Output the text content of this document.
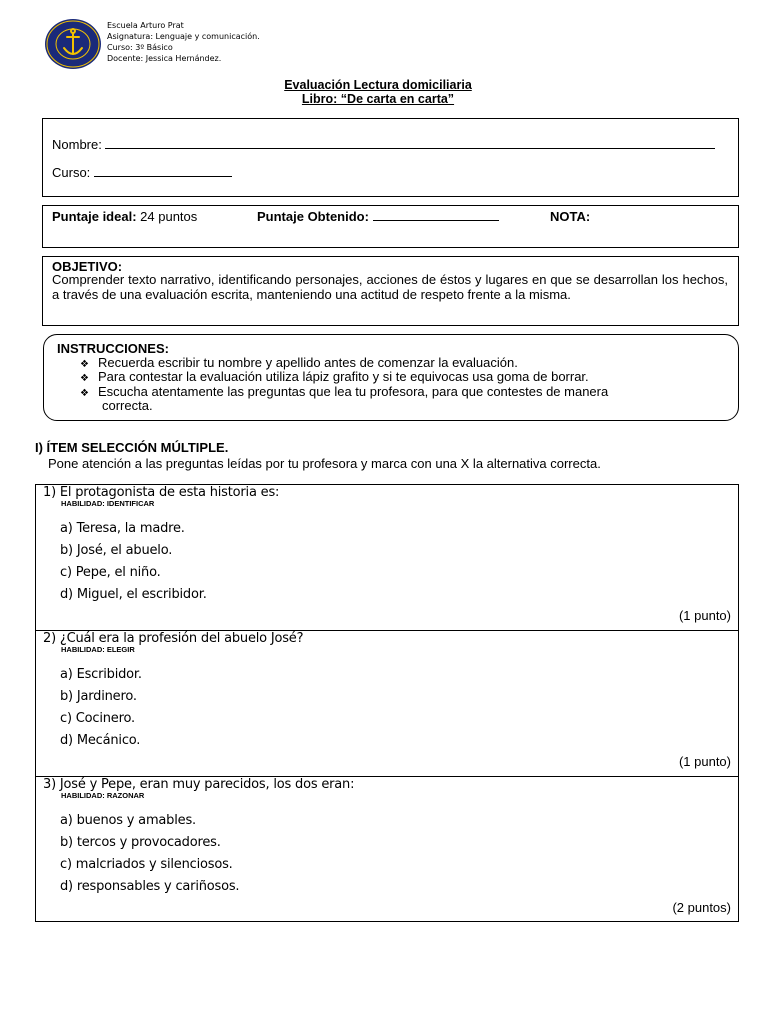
Escuela Arturo Prat
Asignatura: Lenguaje y comunicación.
Curso: 3º Básico
Docente: Jessica Hernández.
Evaluación Lectura domiciliaria
Libro: “De carta en carta”
Nombre:
Curso:
Puntaje ideal: 24 puntos	Puntaje Obtenido:	NOTA:
OBJETIVO:
Comprender texto narrativo, identificando personajes, acciones de éstos y lugares en que se desarrollan los hechos, a través de una evaluación escrita, manteniendo una actitud de respeto frente a la misma.
INSTRUCCIONES:
❖ Recuerda escribir tu nombre y apellido antes de comenzar la evaluación.
❖ Para contestar la evaluación utiliza lápiz grafito y si te equivocas usa goma de borrar.
❖ Escucha atentamente las preguntas que lea tu profesora, para que contestes de manera
correcta.
I) ÍTEM SELECCIÓN MÚLTIPLE.
Pone atención a las preguntas leídas por tu profesora y marca con una X la alternativa correcta.
1) El protagonista de esta historia es:
HABILIDAD: IDENTIFICAR
a) Teresa, la madre.
b) José, el abuelo.
c) Pepe, el niño.
d) Miguel, el escribidor.
(1 punto)
2) ¿Cuál era la profesión del abuelo José?
HABILIDAD: ELEGIR
a) Escribidor.
b) Jardinero.
c) Cocinero.
d) Mecánico.
(1 punto)
3) José y Pepe, eran muy parecidos, los dos eran:
HABILIDAD: RAZONAR
a) buenos y amables.
b) tercos y provocadores.
c) malcriados y silenciosos.
d) responsables y cariñosos.
(2 puntos)
